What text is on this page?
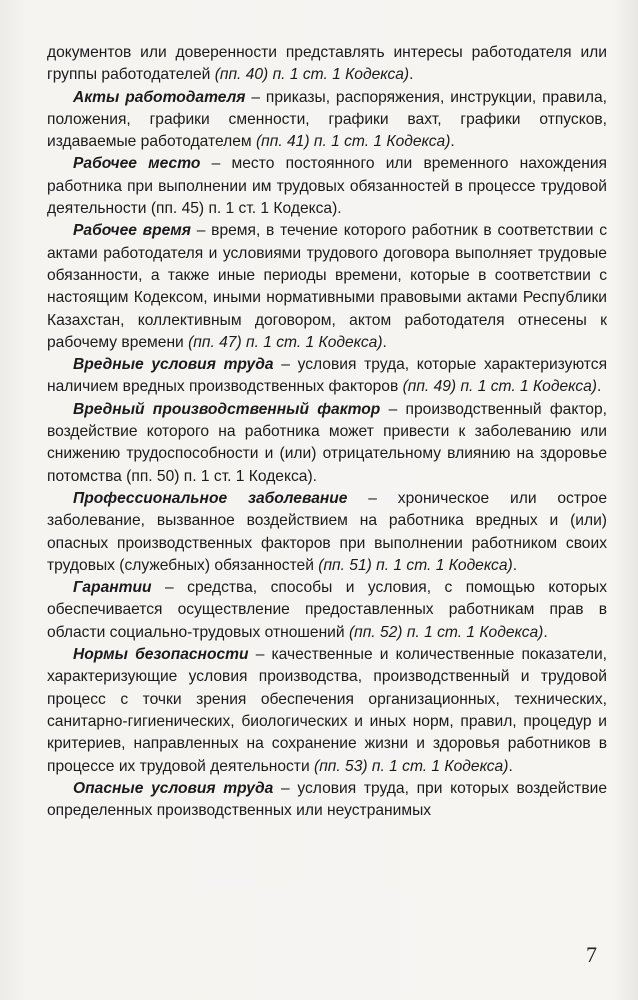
документов или доверенности представлять интересы работодателя или группы работодателей (пп. 40) п. 1 ст. 1 Кодекса).

Акты работодателя – приказы, распоряжения, инструкции, правила, положения, графики сменности, графики вахт, графики отпусков, издаваемые работодателем (пп. 41) п. 1 ст. 1 Кодекса).

Рабочее место – место постоянного или временного нахождения работника при выполнении им трудовых обязанностей в процессе трудовой деятельности (пп. 45) п. 1 ст. 1 Кодекса).

Рабочее время – время, в течение которого работник в соответствии с актами работодателя и условиями трудового договора выполняет трудовые обязанности, а также иные периоды времени, которые в соответствии с настоящим Кодексом, иными нормативными правовыми актами Республики Казахстан, коллективным договором, актом работодателя отнесены к рабочему времени (пп. 47) п. 1 ст. 1 Кодекса).

Вредные условия труда – условия труда, которые характеризуются наличием вредных производственных факторов (пп. 49) п. 1 ст. 1 Кодекса).

Вредный производственный фактор – производственный фактор, воздействие которого на работника может привести к заболеванию или снижению трудоспособности и (или) отрицательному влиянию на здоровье потомства (пп. 50) п. 1 ст. 1 Кодекса).

Профессиональное заболевание – хроническое или острое заболевание, вызванное воздействием на работника вредных и (или) опасных производственных факторов при выполнении работником своих трудовых (служебных) обязанностей (пп. 51) п. 1 ст. 1 Кодекса).

Гарантии – средства, способы и условия, с помощью которых обеспечивается осуществление предоставленных работникам прав в области социально-трудовых отношений (пп. 52) п. 1 ст. 1 Кодекса).

Нормы безопасности – качественные и количественные показатели, характеризующие условия производства, производственный и трудовой процесс с точки зрения обеспечения организационных, технических, санитарно-гигиенических, биологических и иных норм, правил, процедур и критериев, направленных на сохранение жизни и здоровья работников в процессе их трудовой деятельности (пп. 53) п. 1 ст. 1 Кодекса).

Опасные условия труда – условия труда, при которых воздействие определенных производственных или неустранимых

7
